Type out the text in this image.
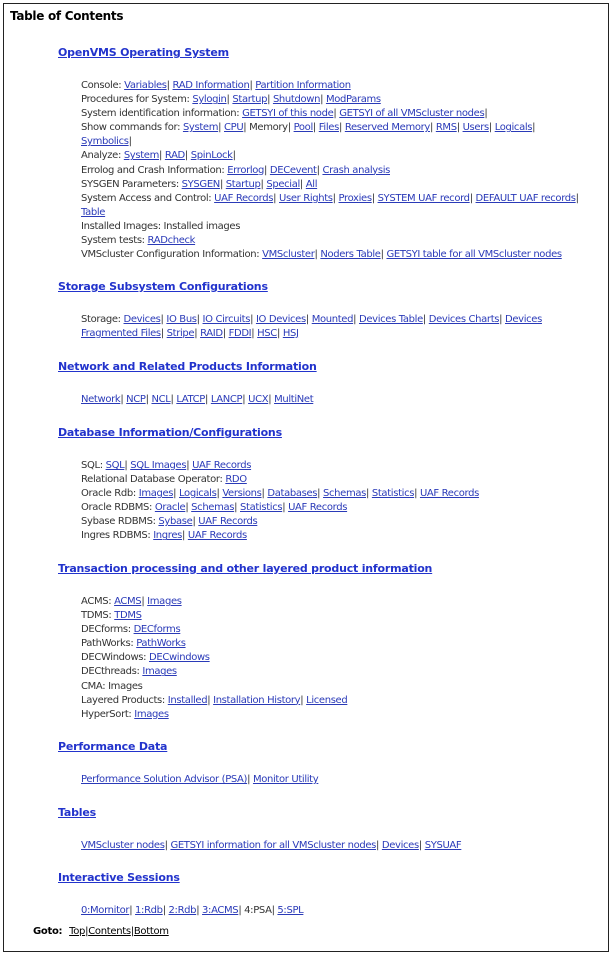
Table of Contents
OpenVMS Operating System
Console: Variables| RAD Information| Partition Information
Procedures for System: Sylogin| Startup| Shutdown| ModParams
System identification information: GETSYI of this node| GETSYI of all VMScluster nodes|
Show commands for: System| CPU| Memory| Pool| Files| Reserved Memory| RMS| Users| Logicals|
Symbolics|
Analyze: System| RAD| SpinLock|
Errolog and Crash Information: Errorlog| DECevent| Crash analysis
SYSGEN Parameters: SYSGEN| Startup| Special| All
System Access and Control: UAF Records| User Rights| Proxies| SYSTEM UAF record| DEFAULT UAF records|
Table
Installed Images: Installed images
System tests: RADcheck
VMScluster Configuration Information: VMScluster| Noders Table| GETSYI table for all VMScluster nodes
Storage Subsystem Configurations
Storage: Devices| IO Bus| IO Circuits| IO Devices| Mounted| Devices Table| Devices Charts| Devices
Fragmented Files| Stripe| RAID| FDDI| HSC| HSJ
Network and Related Products Information
Network| NCP| NCL| LATCP| LANCP| UCX| MultiNet
Database Information/Configurations
SQL: SQL| SQL Images| UAF Records
Relational Database Operator: RDO
Oracle Rdb: Images| Logicals| Versions| Databases| Schemas| Statistics| UAF Records
Oracle RDBMS: Oracle| Schemas| Statistics| UAF Records
Sybase RDBMS: Sybase| UAF Records
Ingres RDBMS: Ingres| UAF Records
Transaction processing and other layered product information
ACMS: ACMS| Images
TDMS: TDMS
DECforms: DECforms
PathWorks: PathWorks
DECWindows: DECwindows
DECthreads: Images
CMA: Images
Layered Products: Installed| Installation History| Licensed
HyperSort: Images
Performance Data
Performance Solution Advisor (PSA)| Monitor Utility
Tables
VMScluster nodes| GETSYI information for all VMScluster nodes| Devices| SYSUAF
Interactive Sessions
0:Mornitor| 1:Rdb| 2:Rdb| 3:ACMS| 4:PSA| 5:SPL
Goto: Top|Contents|Bottom
